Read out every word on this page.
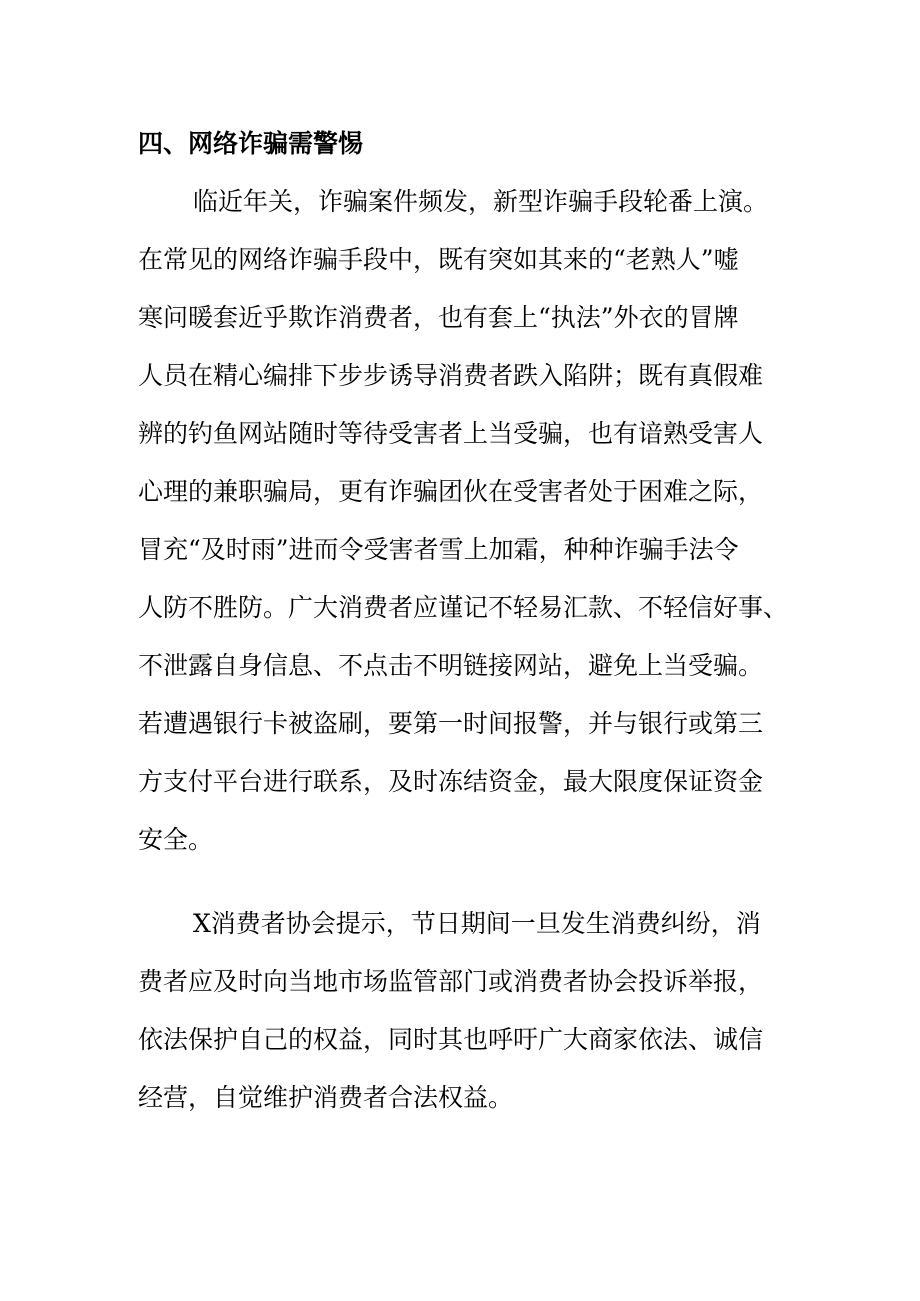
四、网络诈骗需警惕
临近年关，诈骗案件频发，新型诈骗手段轮番上演。
在常见的网络诈骗手段中，既有突如其来的“老熟人”嘘
寒问暖套近乎欺诈消费者，也有套上“执法”外衣的冒牌
人员在精心编排下步步诱导消费者跌入陷阱；既有真假难
辨的钓鱼网站随时等待受害者上当受骗，也有谙熟受害人
心理的兼职骗局，更有诈骗团伙在受害者处于困难之际，
冒充“及时雨”进而令受害者雪上加霜，种种诈骗手法令
人防不胜防。广大消费者应谨记不轻易汇款、不轻信好事、
不泄露自身信息、不点击不明链接网站，避免上当受骗。
若遭遇银行卡被盗刷，要第一时间报警，并与银行或第三
方支付平台进行联系，及时冻结资金，最大限度保证资金
安全。
X消费者协会提示，节日期间一旦发生消费纠纷，消
费者应及时向当地市场监管部门或消费者协会投诉举报，
依法保护自己的权益，同时其也呼吁广大商家依法、诚信
经营，自觉维护消费者合法权益。
